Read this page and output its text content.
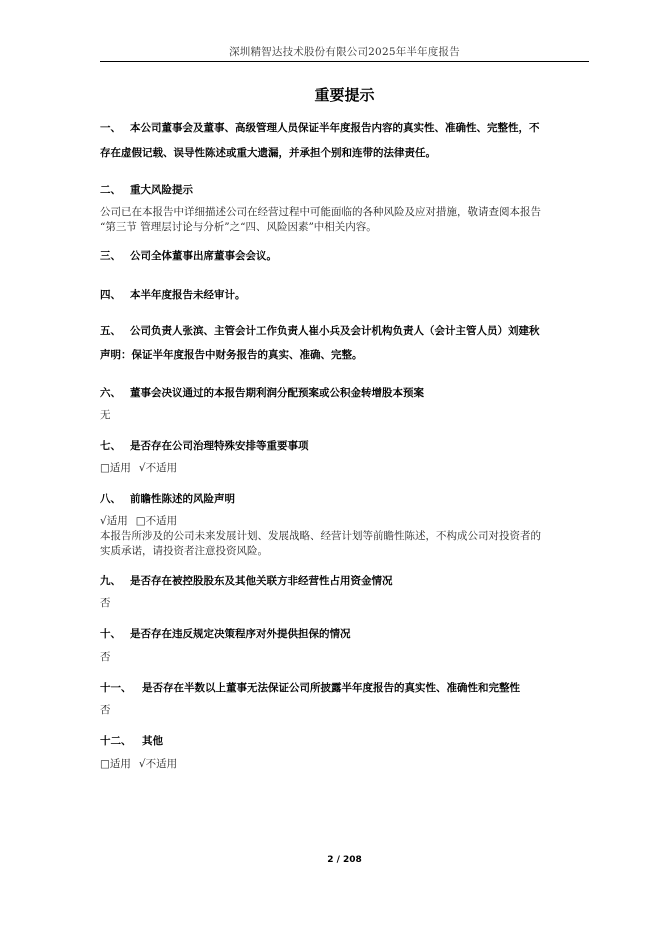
深圳精智达技术股份有限公司2025年半年度报告
重要提示
一、 本公司董事会及董事、高级管理人员保证半年度报告内容的真实性、准确性、完整性，不
存在虚假记载、误导性陈述或重大遗漏，并承担个别和连带的法律责任。
二、 重大风险提示
公司已在本报告中详细描述公司在经营过程中可能面临的各种风险及应对措施，敬请查阅本报告
“第三节 管理层讨论与分析”之“四、风险因素”中相关内容。
三、 公司全体董事出席董事会会议。
四、 本半年度报告未经审计。
五、 公司负责人张滨、主管会计工作负责人崔小兵及会计机构负责人（会计主管人员）刘建秋
声明：保证半年度报告中财务报告的真实、准确、完整。
六、 董事会决议通过的本报告期利润分配预案或公积金转增股本预案
无
七、 是否存在公司治理特殊安排等重要事项
□适用 √不适用
八、 前瞻性陈述的风险声明
√适用 □不适用
本报告所涉及的公司未来发展计划、发展战略、经营计划等前瞻性陈述，不构成公司对投资者的
实质承诺，请投资者注意投资风险。
九、 是否存在被控股股东及其他关联方非经营性占用资金情况
否
十、 是否存在违反规定决策程序对外提供担保的情况
否
十一、 是否存在半数以上董事无法保证公司所披露半年度报告的真实性、准确性和完整性
否
十二、 其他
□适用 √不适用
2 / 208
